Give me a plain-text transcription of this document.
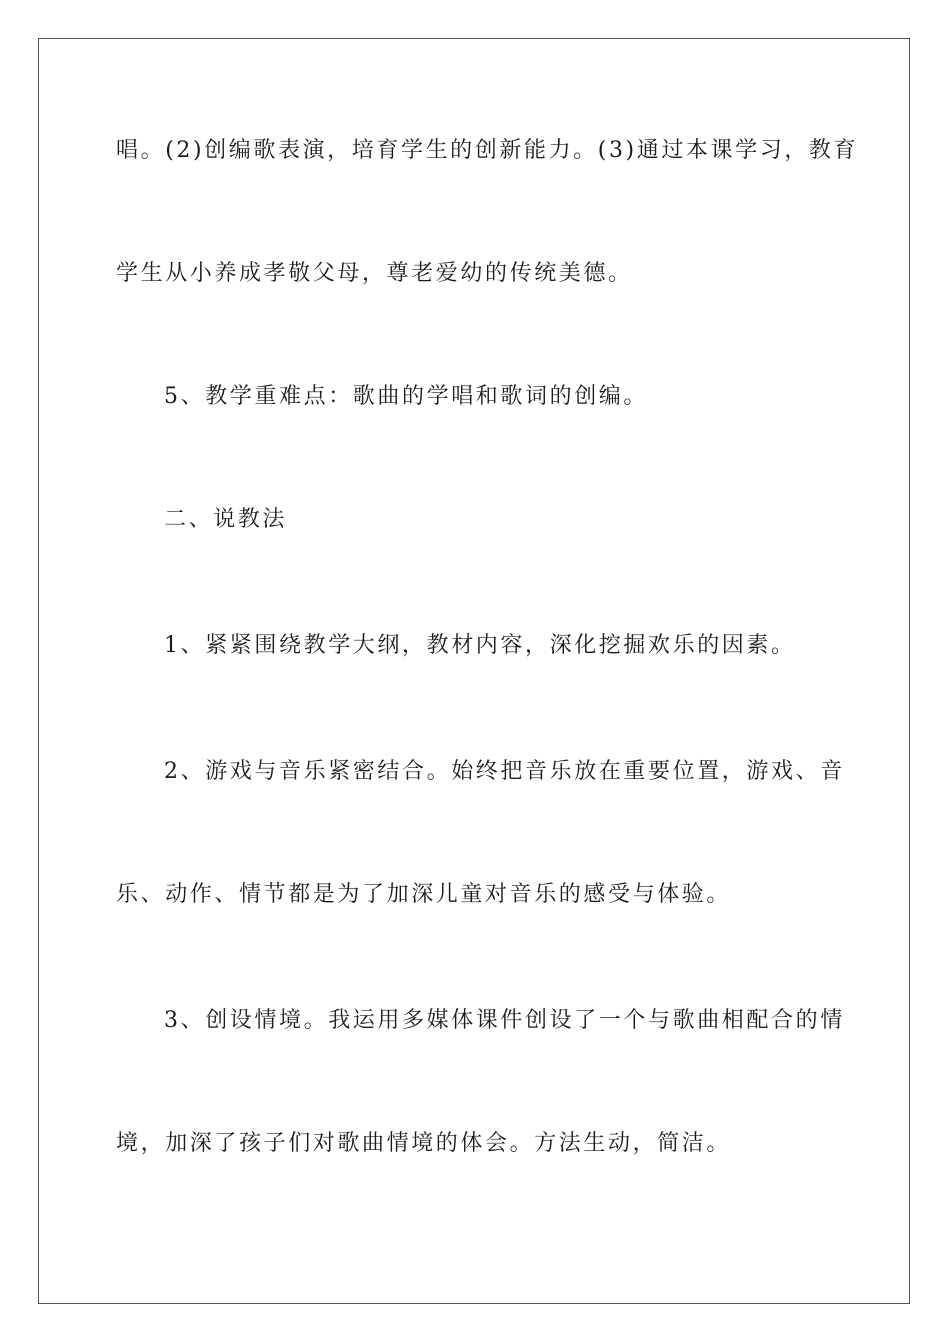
唱。(2)创编歌表演，培育学生的创新能力。(3)通过本课学习，教育
学生从小养成孝敬父母，尊老爱幼的传统美德。
5、教学重难点：歌曲的学唱和歌词的创编。
二、说教法
1、紧紧围绕教学大纲，教材内容，深化挖掘欢乐的因素。
2、游戏与音乐紧密结合。始终把音乐放在重要位置，游戏、音
乐、动作、情节都是为了加深儿童对音乐的感受与体验。
3、创设情境。我运用多媒体课件创设了一个与歌曲相配合的情
境，加深了孩子们对歌曲情境的体会。方法生动，简洁。
